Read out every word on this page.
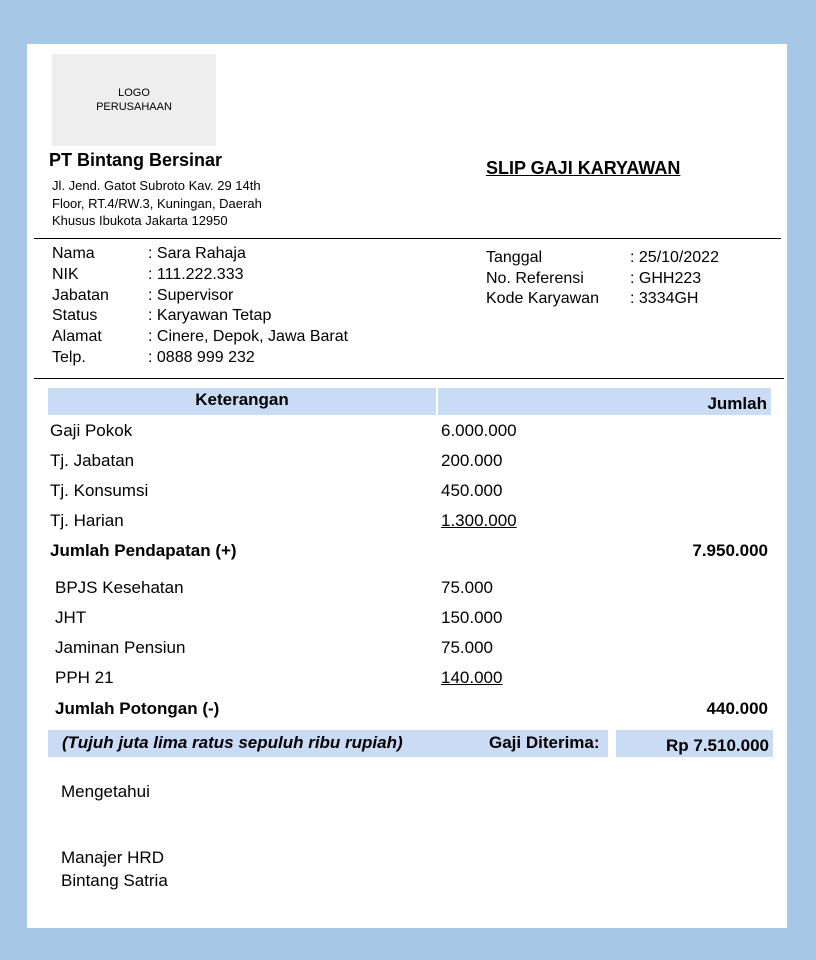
LOGO
PERUSAHAAN
PT Bintang Bersinar
Jl. Jend. Gatot Subroto Kav. 29 14th
Floor, RT.4/RW.3, Kuningan, Daerah
Khusus Ibukota Jakarta 12950
SLIP GAJI KARYAWAN
Nama	: Sara Rahaja
NIK	: 111.222.333
Jabatan	: Supervisor
Status	: Karyawan Tetap
Alamat	: Cinere, Depok, Jawa Barat
Telp.	: 0888 999 232
Tanggal	: 25/10/2022
No. Referensi	: GHH223
Kode Karyawan	: 3334GH
Keterangan	Jumlah
Gaji Pokok	6.000.000
Tj. Jabatan	200.000
Tj. Konsumsi	450.000
Tj. Harian	1.300.000
Jumlah Pendapatan (+)	7.950.000
BPJS Kesehatan	75.000
JHT	150.000
Jaminan Pensiun	75.000
PPH 21	140.000
Jumlah Potongan (-)	440.000
(Tujuh juta lima ratus sepuluh ribu rupiah)	Gaji Diterima:	Rp 7.510.000
Mengetahui
Manajer HRD
Bintang Satria
